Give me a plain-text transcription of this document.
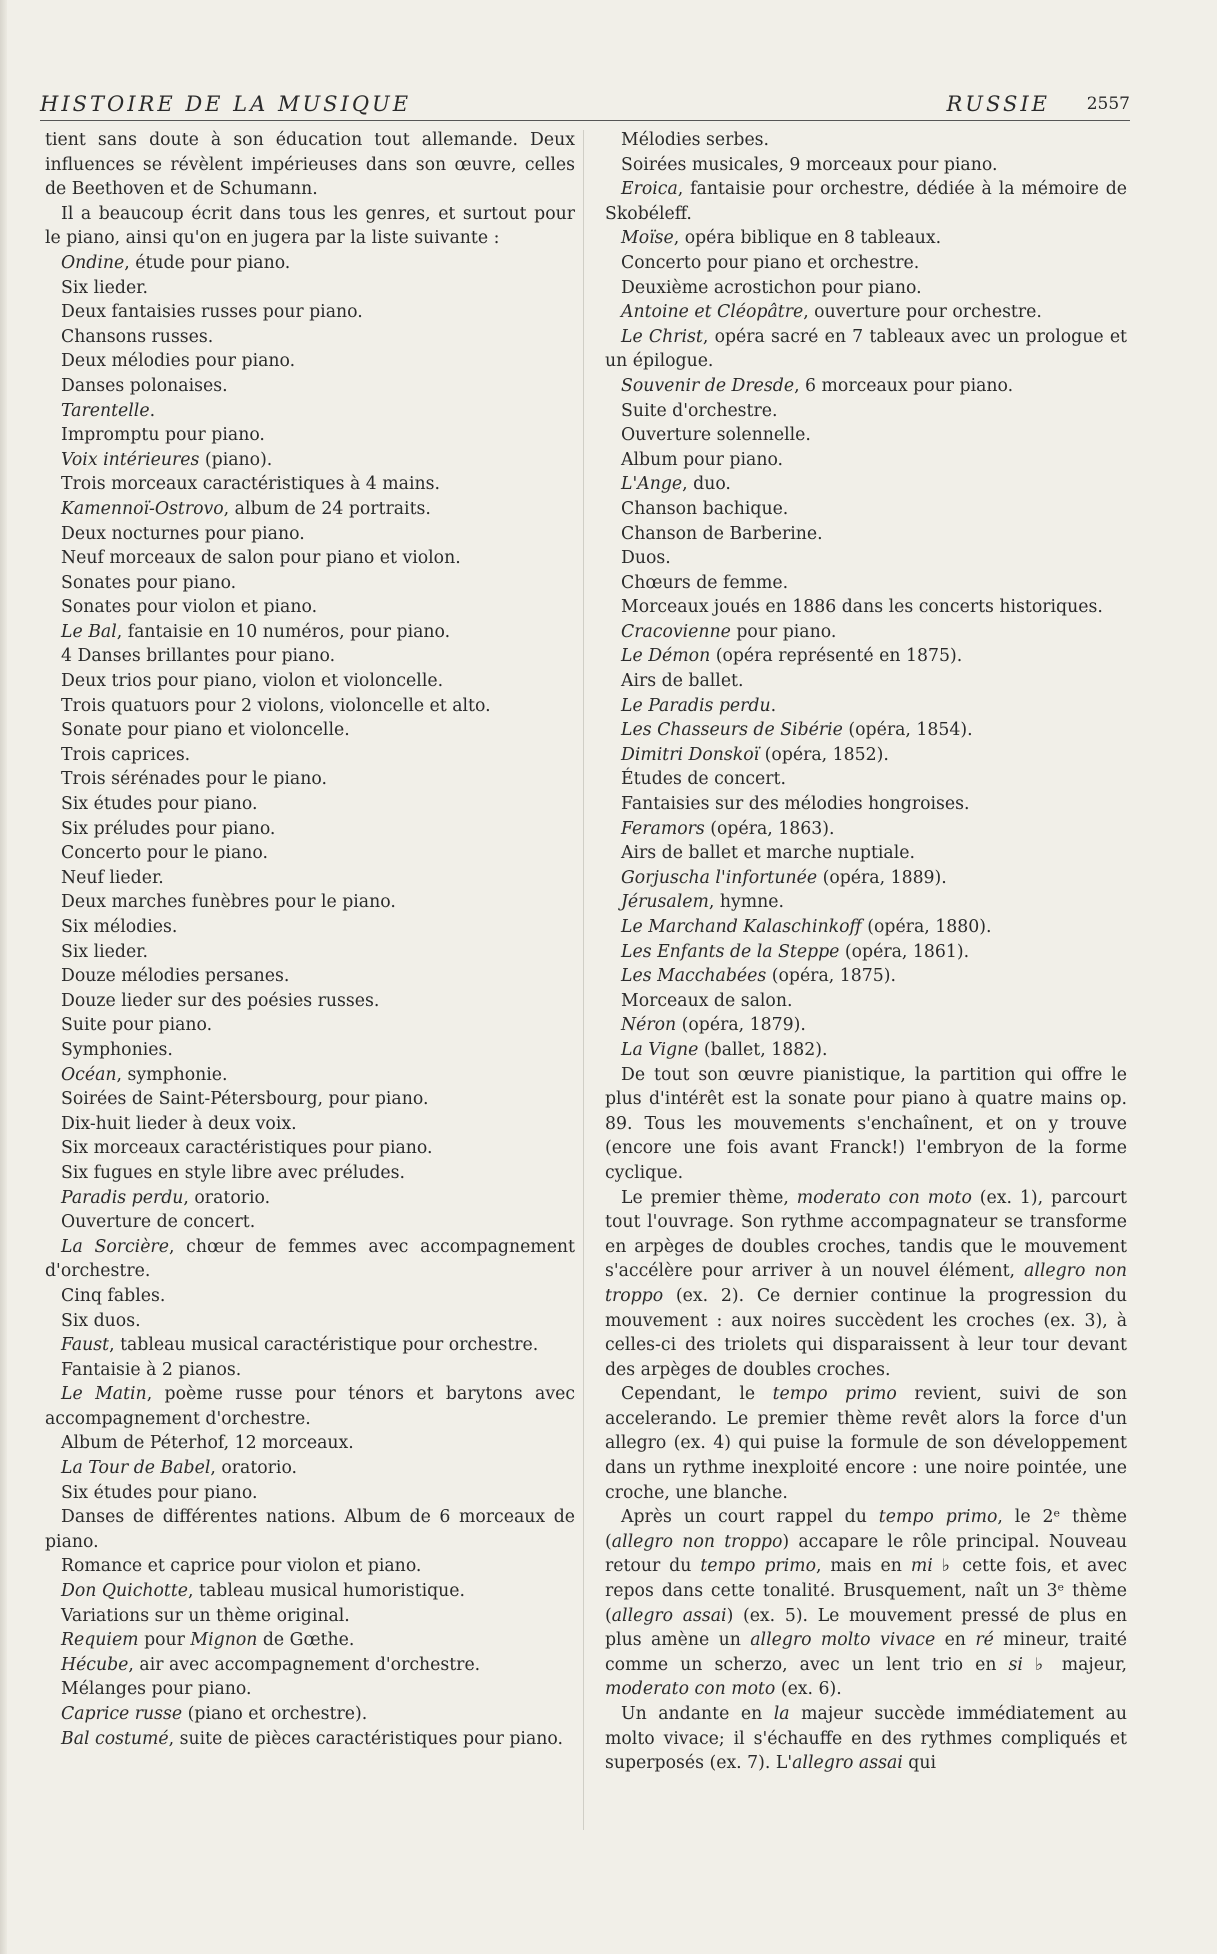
HISTOIRE DE LA MUSIQUE	RUSSIE 2557

tient sans doute à son éducation tout allemande. Deux influences se révèlent impérieuses dans son œuvre, celles de Beethoven et de Schumann.

Il a beaucoup écrit dans tous les genres, et surtout pour le piano, ainsi qu'on en jugera par la liste suivante :

Ondine, étude pour piano.

Six lieder.

Deux fantaisies russes pour piano.

Chansons russes.

Deux mélodies pour piano.

Danses polonaises.

Tarentelle.

Impromptu pour piano.

Voix intérieures (piano).

Trois morceaux caractéristiques à 4 mains.

Kamennoï-Ostrovo, album de 24 portraits.

Deux nocturnes pour piano.

Neuf morceaux de salon pour piano et violon.

Sonates pour piano.

Sonates pour violon et piano.

Le Bal, fantaisie en 10 numéros, pour piano.

4 Danses brillantes pour piano.

Deux trios pour piano, violon et violoncelle.

Trois quatuors pour 2 violons, violoncelle et alto.

Sonate pour piano et violoncelle.

Trois caprices.

Trois sérénades pour le piano.

Six études pour piano.

Six préludes pour piano.

Concerto pour le piano.

Neuf lieder.

Deux marches funèbres pour le piano.

Six mélodies.

Six lieder.

Douze mélodies persanes.

Douze lieder sur des poésies russes.

Suite pour piano.

Symphonies.

Océan, symphonie.

Soirées de Saint-Pétersbourg, pour piano.

Dix-huit lieder à deux voix.

Six morceaux caractéristiques pour piano.

Six fugues en style libre avec préludes.

Paradis perdu, oratorio.

Ouverture de concert.

La Sorcière, chœur de femmes avec accompagnement d'orchestre.

Cinq fables.

Six duos.

Faust, tableau musical caractéristique pour orchestre.

Fantaisie à 2 pianos.

Le Matin, poème russe pour ténors et barytons avec accompagnement d'orchestre.

Album de Péterhof, 12 morceaux.

La Tour de Babel, oratorio.

Six études pour piano.

Danses de différentes nations. Album de 6 morceaux de piano.

Romance et caprice pour violon et piano.

Don Quichotte, tableau musical humoristique.

Variations sur un thème original.

Requiem pour Mignon de Gœthe.

Hécube, air avec accompagnement d'orchestre.

Mélanges pour piano.

Caprice russe (piano et orchestre).

Bal costumé, suite de pièces caractéristiques pour piano.

Mélodies serbes.

Soirées musicales, 9 morceaux pour piano.

Eroica, fantaisie pour orchestre, dédiée à la mémoire de Skobéleff.

Moïse, opéra biblique en 8 tableaux.

Concerto pour piano et orchestre.

Deuxième acrostichon pour piano.

Antoine et Cléopâtre, ouverture pour orchestre.

Le Christ, opéra sacré en 7 tableaux avec un prologue et un épilogue.

Souvenir de Dresde, 6 morceaux pour piano.

Suite d'orchestre.

Ouverture solennelle.

Album pour piano.

L'Ange, duo.

Chanson bachique.

Chanson de Barberine.

Duos.

Chœurs de femme.

Morceaux joués en 1886 dans les concerts historiques.

Cracovienne pour piano.

Le Démon (opéra représenté en 1875).

Airs de ballet.

Le Paradis perdu.

Les Chasseurs de Sibérie (opéra, 1854).

Dimitri Donskoï (opéra, 1852).

Études de concert.

Fantaisies sur des mélodies hongroises.

Feramors (opéra, 1863).

Airs de ballet et marche nuptiale.

Gorjuscha l'infortunée (opéra, 1889).

Jérusalem, hymne.

Le Marchand Kalaschinkoff (opéra, 1880).

Les Enfants de la Steppe (opéra, 1861).

Les Macchabées (opéra, 1875).

Morceaux de salon.

Néron (opéra, 1879).

La Vigne (ballet, 1882).

De tout son œuvre pianistique, la partition qui offre le plus d'intérêt est la sonate pour piano à quatre mains op. 89. Tous les mouvements s'enchaînent, et on y trouve (encore une fois avant Franck!) l'embryon de la forme cyclique.

Le premier thème, moderato con moto (ex. 1), parcourt tout l'ouvrage. Son rythme accompagnateur se transforme en arpèges de doubles croches, tandis que le mouvement s'accélère pour arriver à un nouvel élément, allegro non troppo (ex. 2). Ce dernier continue la progression du mouvement : aux noires succèdent les croches (ex. 3), à celles-ci des triolets qui disparaissent à leur tour devant des arpèges de doubles croches.

Cependant, le tempo primo revient, suivi de son accelerando. Le premier thème revêt alors la force d'un allegro (ex. 4) qui puise la formule de son développement dans un rythme inexploité encore : une noire pointée, une croche, une blanche.

Après un court rappel du tempo primo, le 2ᵉ thème (allegro non troppo) accapare le rôle principal. Nouveau retour du tempo primo, mais en mi ♭ cette fois, et avec repos dans cette tonalité. Brusquement, naît un 3ᵉ thème (allegro assai) (ex. 5). Le mouvement pressé de plus en plus amène un allegro molto vivace en ré mineur, traité comme un scherzo, avec un lent trio en si ♭ majeur, moderato con moto (ex. 6).

Un andante en la majeur succède immédiatement au molto vivace; il s'échauffe en des rythmes compliqués et superposés (ex. 7). L'allegro assai qui
